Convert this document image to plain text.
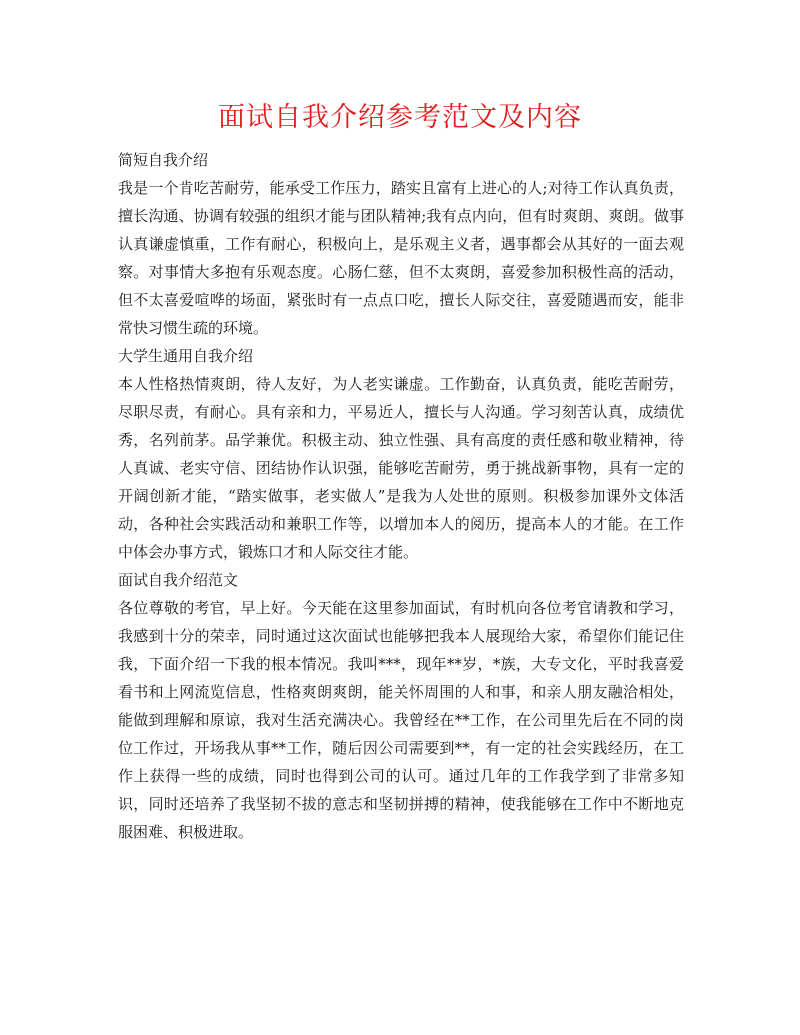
面试自我介绍参考范文及内容

简短自我介绍

我是一个肯吃苦耐劳，能承受工作压力，踏实且富有上进心的人;对待工作认真负责，擅长沟通、协调有较强的组织才能与团队精神;我有点内向，但有时爽朗、爽朗。做事认真谦虚慎重，工作有耐心，积极向上，是乐观主义者，遇事都会从其好的一面去观察。对事情大多抱有乐观态度。心肠仁慈，但不太爽朗，喜爱参加积极性高的活动，但不太喜爱喧哗的场面，紧张时有一点点口吃，擅长人际交往，喜爱随遇而安，能非常快习惯生疏的环境。

大学生通用自我介绍

本人性格热情爽朗，待人友好，为人老实谦虚。工作勤奋，认真负责，能吃苦耐劳，尽职尽责，有耐心。具有亲和力，平易近人，擅长与人沟通。学习刻苦认真，成绩优秀，名列前茅。品学兼优。积极主动、独立性强、具有高度的责任感和敬业精神，待人真诚、老实守信、团结协作认识强，能够吃苦耐劳，勇于挑战新事物，具有一定的开阔创新才能，“踏实做事，老实做人”是我为人处世的原则。积极参加课外文体活动，各种社会实践活动和兼职工作等，以增加本人的阅历，提高本人的才能。在工作中体会办事方式，锻炼口才和人际交往才能。

面试自我介绍范文

各位尊敬的考官，早上好。今天能在这里参加面试，有时机向各位考官请教和学习，我感到十分的荣幸，同时通过这次面试也能够把我本人展现给大家，希望你们能记住我，下面介绍一下我的根本情况。我叫***，现年**岁，*族，大专文化，平时我喜爱看书和上网流览信息，性格爽朗爽朗，能关怀周围的人和事，和亲人朋友融洽相处，能做到理解和原谅，我对生活充满决心。我曾经在**工作，在公司里先后在不同的岗位工作过，开场我从事**工作，随后因公司需要到**，有一定的社会实践经历，在工作上获得一些的成绩，同时也得到公司的认可。通过几年的工作我学到了非常多知识，同时还培养了我坚韧不拔的意志和坚韧拼搏的精神，使我能够在工作中不断地克服困难、积极进取。
